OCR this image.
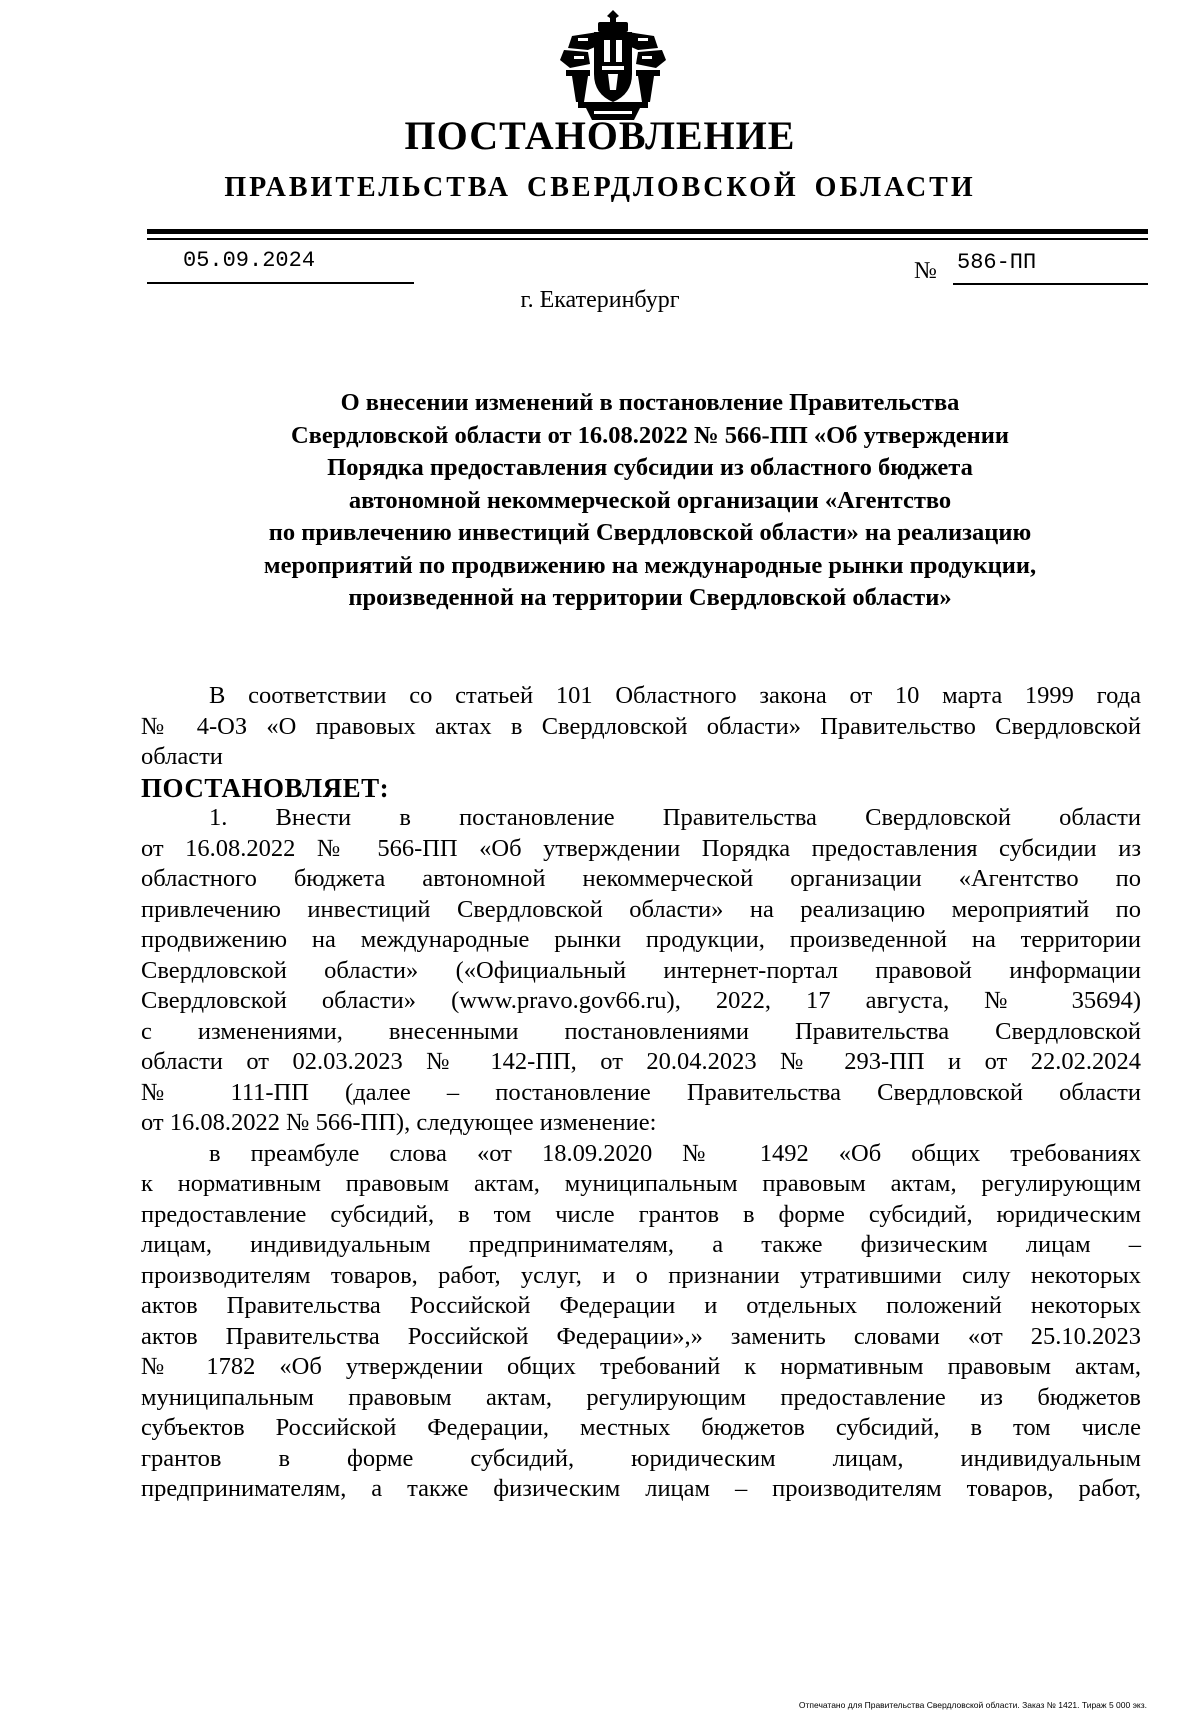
ПОСТАНОВЛЕНИЕ
ПРАВИТЕЛЬСТВА СВЕРДЛОВСКОЙ ОБЛАСТИ
05.09.2024	№ 586-ПП
г. Екатеринбург
О внесении изменений в постановление Правительства
Свердловской области от 16.08.2022 № 566-ПП «Об утверждении
Порядка предоставления субсидии из областного бюджета
автономной некоммерческой организации «Агентство
по привлечению инвестиций Свердловской области» на реализацию
мероприятий по продвижению на международные рынки продукции,
произведенной на территории Свердловской области»
В соответствии со статьей 101 Областного закона от 10 марта 1999 года
№ 4-ОЗ «О правовых актах в Свердловской области» Правительство Свердловской
области
ПОСТАНОВЛЯЕТ:
1. Внести в постановление Правительства Свердловской области
от 16.08.2022 № 566-ПП «Об утверждении Порядка предоставления субсидии из
областного бюджета автономной некоммерческой организации «Агентство по
привлечению инвестиций Свердловской области» на реализацию мероприятий по
продвижению на международные рынки продукции, произведенной на территории
Свердловской области» («Официальный интернет-портал правовой информации
Свердловской области» (www.pravo.gov66.ru), 2022, 17 августа, № 35694)
с изменениями, внесенными постановлениями Правительства Свердловской
области от 02.03.2023 № 142-ПП, от 20.04.2023 № 293-ПП и от 22.02.2024
№ 111-ПП (далее – постановление Правительства Свердловской области
от 16.08.2022 № 566-ПП), следующее изменение:
в преамбуле слова «от 18.09.2020 № 1492 «Об общих требованиях
к нормативным правовым актам, муниципальным правовым актам, регулирующим
предоставление субсидий, в том числе грантов в форме субсидий, юридическим
лицам, индивидуальным предпринимателям, а также физическим лицам –
производителям товаров, работ, услуг, и о признании утратившими силу некоторых
актов Правительства Российской Федерации и отдельных положений некоторых
актов Правительства Российской Федерации»,» заменить словами «от 25.10.2023
№ 1782 «Об утверждении общих требований к нормативным правовым актам,
муниципальным правовым актам, регулирующим предоставление из бюджетов
субъектов Российской Федерации, местных бюджетов субсидий, в том числе
грантов в форме субсидий, юридическим лицам, индивидуальным
предпринимателям, а также физическим лицам – производителям товаров, работ,
Отпечатано для Правительства Свердловской области. Заказ № 1421. Тираж 5 000 экз.
